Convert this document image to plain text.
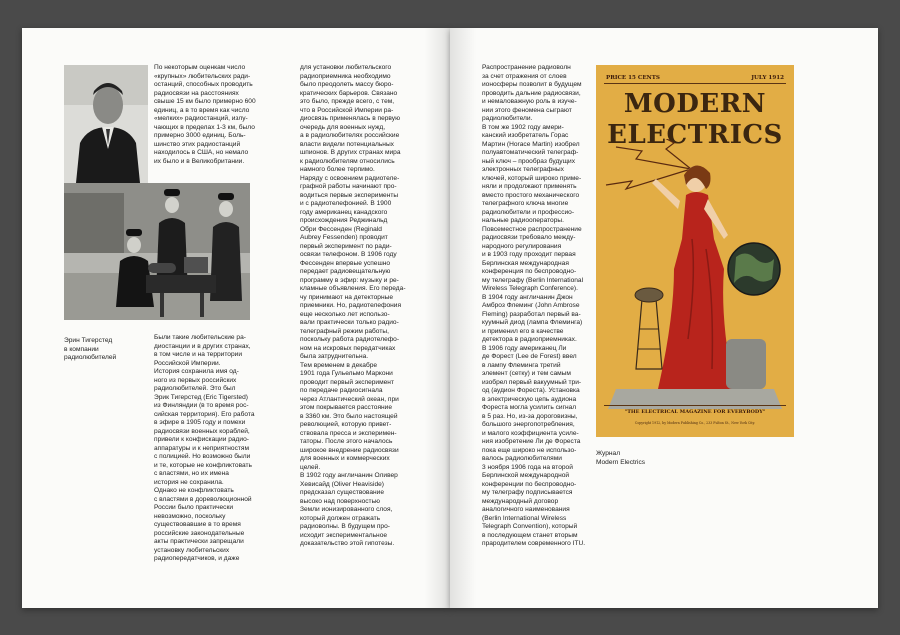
Эрин Тигерстед
в компании
радиолюбителей
По некоторым оценкам число
«крупных» любительских ради-
останций, способных проводить
радиосвязи на расстояниях
свыше 15 км было примерно 600
единиц, а в то время как число
«мелких» радиостанций, излу-
чающих в пределах 1-3 км, было
примерно 3000 единиц. Боль-
шинство этих радиостанций
находилось в США, но немало
их было и в Великобритании.
Были такие любительские ра-
диостанции и в других странах,
в том числе и на территории
Российской Империи.
История сохранила имя од-
ного из первых российских
радиолюбителей. Это был
Эрик Тигерстед (Eric Tigersted)
из Финляндии (в то время рос-
сийская территория). Его работа
в эфире в 1905 году и помехи
радиосвязи военных кораблей,
привели к конфискации радио-
аппаратуры и к неприятностям
с полицией. Но возможно были
и те, которые не конфликтовать
с властями, но их имена
история не сохранила.
Однако не конфликтовать
с властями в дореволюционной
России было практически
невозможно, поскольку
существовавшие в то время
российские законодательные
акты практически запрещали
установку любительских
радиопередатчиков, и даже
для установки любительского
радиоприемника необходимо
было преодолеть массу бюро-
кратических барьеров. Связано
это было, прежде всего, с тем,
что в Российской Империи ра-
диосвязь применялась в первую
очередь для военных нужд,
а в радиолюбителях российские
власти видели потенциальных
шпионов. В других странах мира
к радиолюбителям относились
намного более терпимо.
Наряду с освоением радиотеле-
графной работы начинают про-
водиться первые эксперименты
и с радиотелефонией. В 1900
году американец канадского
происхождения Реджинальд
Обри Фессенден (Reginald
Aubrey Fessenden) проводит
первый эксперимент по ради-
освязи телефоном. В 1906 году
Фессенден впервые успешно
передает радиовещательную
программу в эфир: музыку и ре-
кламные объявления. Его переда-
чу принимают на детекторные
приемники. Но, радиотелефония
еще несколько лет использо-
вали практически только радио-
телеграфный режим работы,
поскольку работа радиотелефо-
ном на искровых передатчиках
была затруднительна.
Тем временем в декабре
1901 года Гульельмо Маркони
проводит первый эксперимент
по передаче радиосигнала
через Атлантический океан, при
этом покрывается расстояние
в 3360 км. Это было настоящей
революцией, которую привет-
ствовала пресса и эксперимен-
таторы. После этого началось
широкое внедрение радиосвязи
для военных и коммерческих
целей.
В 1902 году англичанин Оливер
Хевисайд (Oliver Heaviside)
предсказал существование
высоко над поверхностью
Земли ионизированного слоя,
который должен отражать
радиоволны. В будущем про-
исходит экспериментальное
доказательство этой гипотезы.
Распространение радиоволн
за счет отражения от слоев
ионосферы позволит в будущем
проводить дальние радиосвязи,
и немаловажную роль в изуче-
нии этого феномена сыграют
радиолюбители.
В том же 1902 году амери-
канский изобретатель Горас
Мартин (Horace Martin) изобрел
полуавтоматический телеграф-
ный ключ – прообраз будущих
электронных телеграфных
ключей, который широко приме-
няли и продолжают применять
вместо простого механического
телеграфного ключа многие
радиолюбители и профессио-
нальные радиооператоры.
Повсеместное распространение
радиосвязи требовало между-
народного регулирования
и в 1903 году проходит первая
Берлинская международная
конференция по беспроводно-
му телеграфу (Berlin International
Wireless Telegraph Conference).
В 1904 году англичанин Джон
Амброз Флеминг (John Ambrose
Fleming) разработал первый ва-
куумный диод (лампа Флеминга)
и применил его в качестве
детектора в радиоприемниках.
В 1906 году американец Ли
де Форест (Lee de Forest) ввел
в лампу Флеминга третий
элемент (сетку) и тем самым
изобрел первый вакуумный три-
од (аудион Фореста). Установка
в электрическую цепь аудиона
Фореста могла усилить сигнал
в 5 раз. Но, из-за дороговизны,
большого энергопотребления,
и малого коэффициента усиле-
ния изобретение Ли де Фореста
пока еще широко не использо-
валось радиолюбителями
3 ноября 1906 года на второй
Берлинской международной
конференции по беспроводно-
му телеграфу подписывается
международный договор
аналогичного наименования
(Berlin International Wireless
Telegraph Convention), который
в последующем станет вторым
прародителем современного ITU.
PRICE 15 CENTS	JULY 1912
MODERN
ELECTRICS
"THE ELECTRICAL MAGAZINE FOR EVERYBODY"
Copyright 1912, by Modern Publishing Co., 233 Fulton St., New York City.
Журнал
Modern Electrics
